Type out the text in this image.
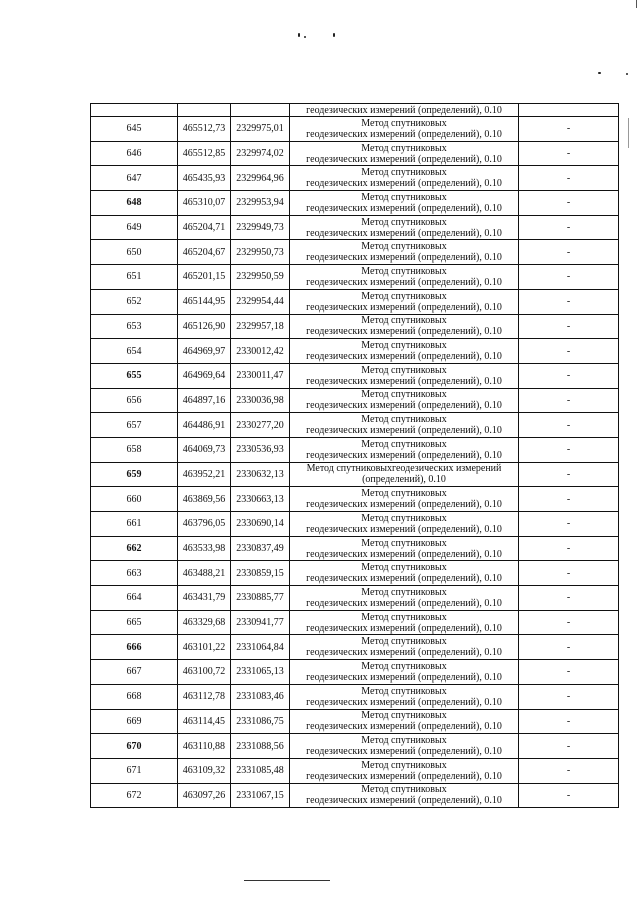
			геодезических измерений (определений), 0.10	
645	465512,73	2329975,01	Метод спутниковых
геодезических измерений (определений), 0.10	-
646	465512,85	2329974,02	Метод спутниковых
геодезических измерений (определений), 0.10	-
647	465435,93	2329964,96	Метод спутниковых
геодезических измерений (определений), 0.10	-
648	465310,07	2329953,94	Метод спутниковых
геодезических измерений (определений), 0.10	-
649	465204,71	2329949,73	Метод спутниковых
геодезических измерений (определений), 0.10	-
650	465204,67	2329950,73	Метод спутниковых
геодезических измерений (определений), 0.10	-
651	465201,15	2329950,59	Метод спутниковых
геодезических измерений (определений), 0.10	-
652	465144,95	2329954,44	Метод спутниковых
геодезических измерений (определений), 0.10	-
653	465126,90	2329957,18	Метод спутниковых
геодезических измерений (определений), 0.10	-
654	464969,97	2330012,42	Метод спутниковых
геодезических измерений (определений), 0.10	-
655	464969,64	2330011,47	Метод спутниковых
геодезических измерений (определений), 0.10	-
656	464897,16	2330036,98	Метод спутниковых
геодезических измерений (определений), 0.10	-
657	464486,91	2330277,20	Метод спутниковых
геодезических измерений (определений), 0.10	-
658	464069,73	2330536,93	Метод спутниковых
геодезических измерений (определений), 0.10	-
659	463952,21	2330632,13	Метод спутниковыхгеодезических измерений
(определений), 0.10	-
660	463869,56	2330663,13	Метод спутниковых
геодезических измерений (определений), 0.10	-
661	463796,05	2330690,14	Метод спутниковых
геодезических измерений (определений), 0.10	-
662	463533,98	2330837,49	Метод спутниковых
геодезических измерений (определений), 0.10	-
663	463488,21	2330859,15	Метод спутниковых
геодезических измерений (определений), 0.10	-
664	463431,79	2330885,77	Метод спутниковых
геодезических измерений (определений), 0.10	-
665	463329,68	2330941,77	Метод спутниковых
геодезических измерений (определений), 0.10	-
666	463101,22	2331064,84	Метод спутниковых
геодезических измерений (определений), 0.10	-
667	463100,72	2331065,13	Метод спутниковых
геодезических измерений (определений), 0.10	-
668	463112,78	2331083,46	Метод спутниковых
геодезических измерений (определений), 0.10	-
669	463114,45	2331086,75	Метод спутниковых
геодезических измерений (определений), 0.10	-
670	463110,88	2331088,56	Метод спутниковых
геодезических измерений (определений), 0.10	-
671	463109,32	2331085,48	Метод спутниковых
геодезических измерений (определений), 0.10	-
672	463097,26	2331067,15	Метод спутниковых
геодезических измерений (определений), 0.10	-
